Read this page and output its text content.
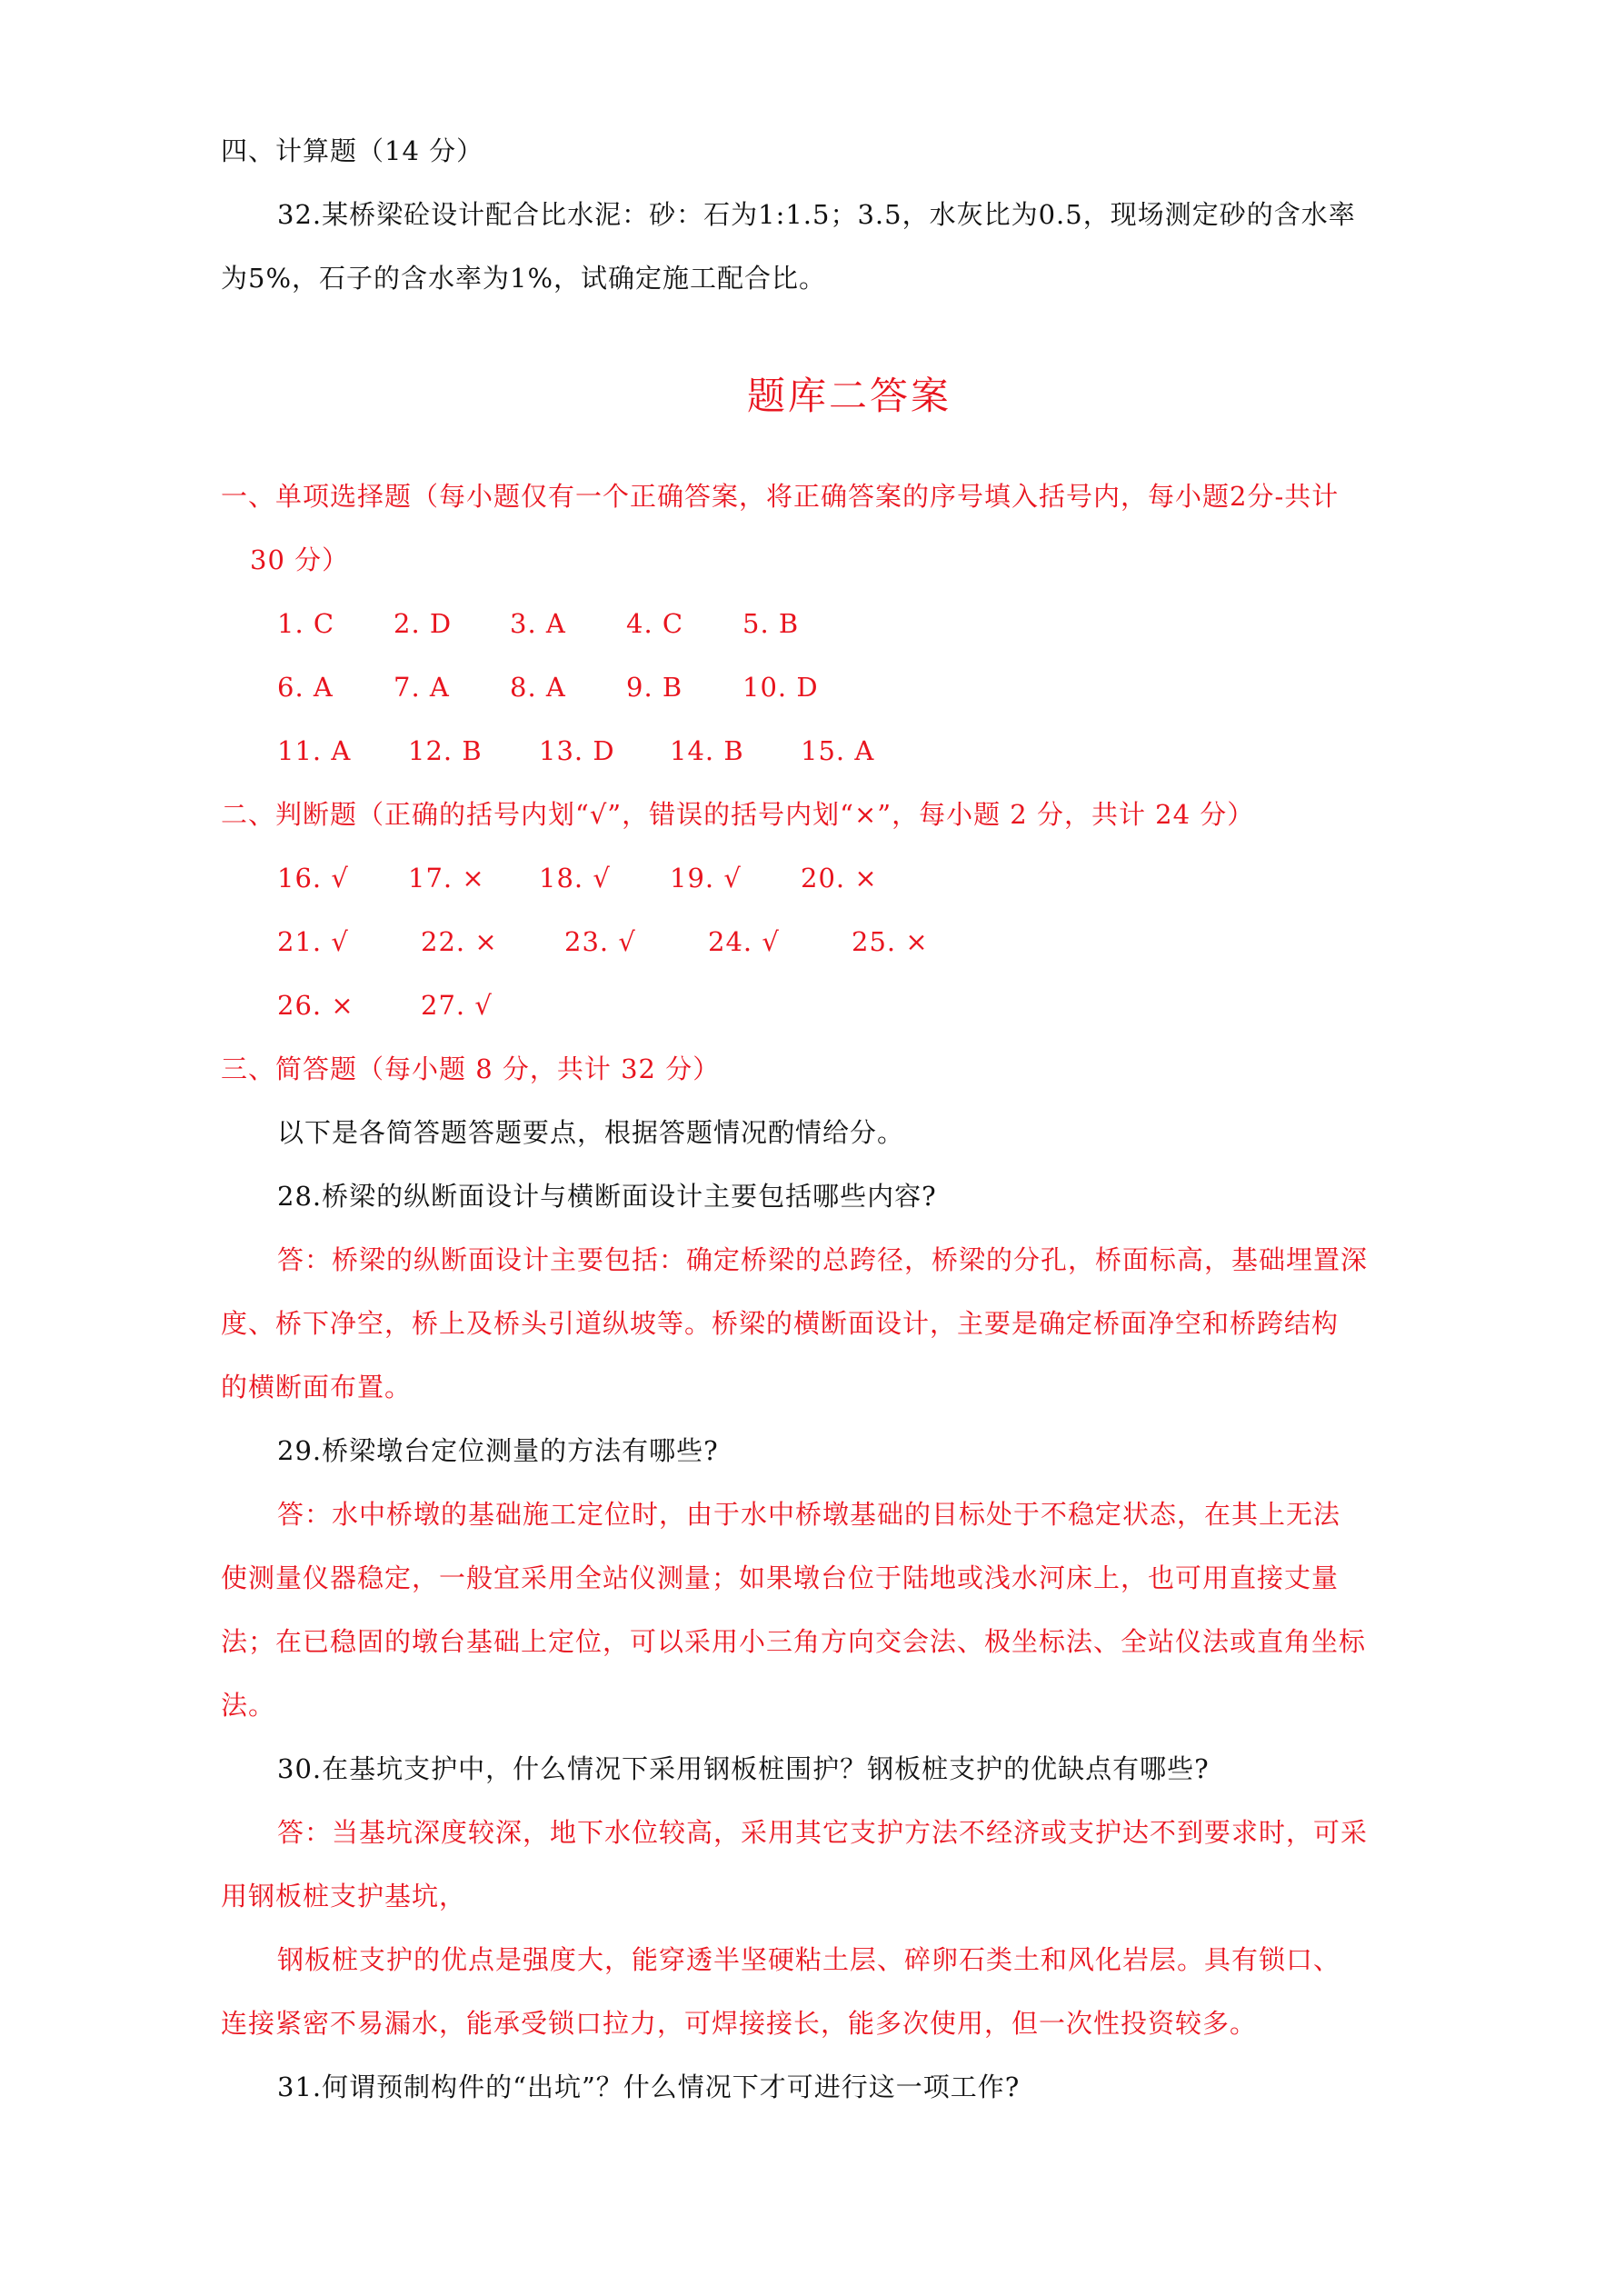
四、计算题（14 分）
32.某桥梁砼设计配合比水泥：砂：石为1:1.5；3.5，水灰比为0.5，现场测定砂的含水率
为5%，石子的含水率为1%，试确定施工配合比。
题库二答案
一、单项选择题（每小题仅有一个正确答案，将正确答案的序号填入括号内，每小题2分-共计
30 分）
1. C 2. D 3. A 4. C 5. B
6. A 7. A 8. A 9. B 10. D
11. A 12. B 13. D 14. B 15. A
二、判断题（正确的括号内划“√”，错误的括号内划“×”，每小题 2 分，共计 24 分）
16. √ 17. × 18. √ 19. √ 20. ×
21. √	22. ×	23. √	24. √	25. ×
26. ×	27. √
三、简答题（每小题 8 分，共计 32 分）
以下是各简答题答题要点，根据答题情况酌情给分。
28.桥梁的纵断面设计与横断面设计主要包括哪些内容?
答：桥梁的纵断面设计主要包括：确定桥梁的总跨径，桥梁的分孔，桥面标高，基础埋置深
度、桥下净空，桥上及桥头引道纵坡等。桥梁的横断面设计，主要是确定桥面净空和桥跨结构
的横断面布置。
29.桥梁墩台定位测量的方法有哪些?
答：水中桥墩的基础施工定位时，由于水中桥墩基础的目标处于不稳定状态，在其上无法
使测量仪器稳定，一般宜采用全站仪测量；如果墩台位于陆地或浅水河床上，也可用直接丈量
法；在已稳固的墩台基础上定位，可以采用小三角方向交会法、极坐标法、全站仪法或直角坐标
法。
30.在基坑支护中，什么情况下采用钢板桩围护？钢板桩支护的优缺点有哪些?
答：当基坑深度较深，地下水位较高，采用其它支护方法不经济或支护达不到要求时，可采
用钢板桩支护基坑，
钢板桩支护的优点是强度大，能穿透半坚硬粘土层、碎卵石类土和风化岩层。具有锁口、
连接紧密不易漏水，能承受锁口拉力，可焊接接长，能多次使用，但一次性投资较多。
31.何谓预制构件的“出坑”？什么情况下才可进行这一项工作?
